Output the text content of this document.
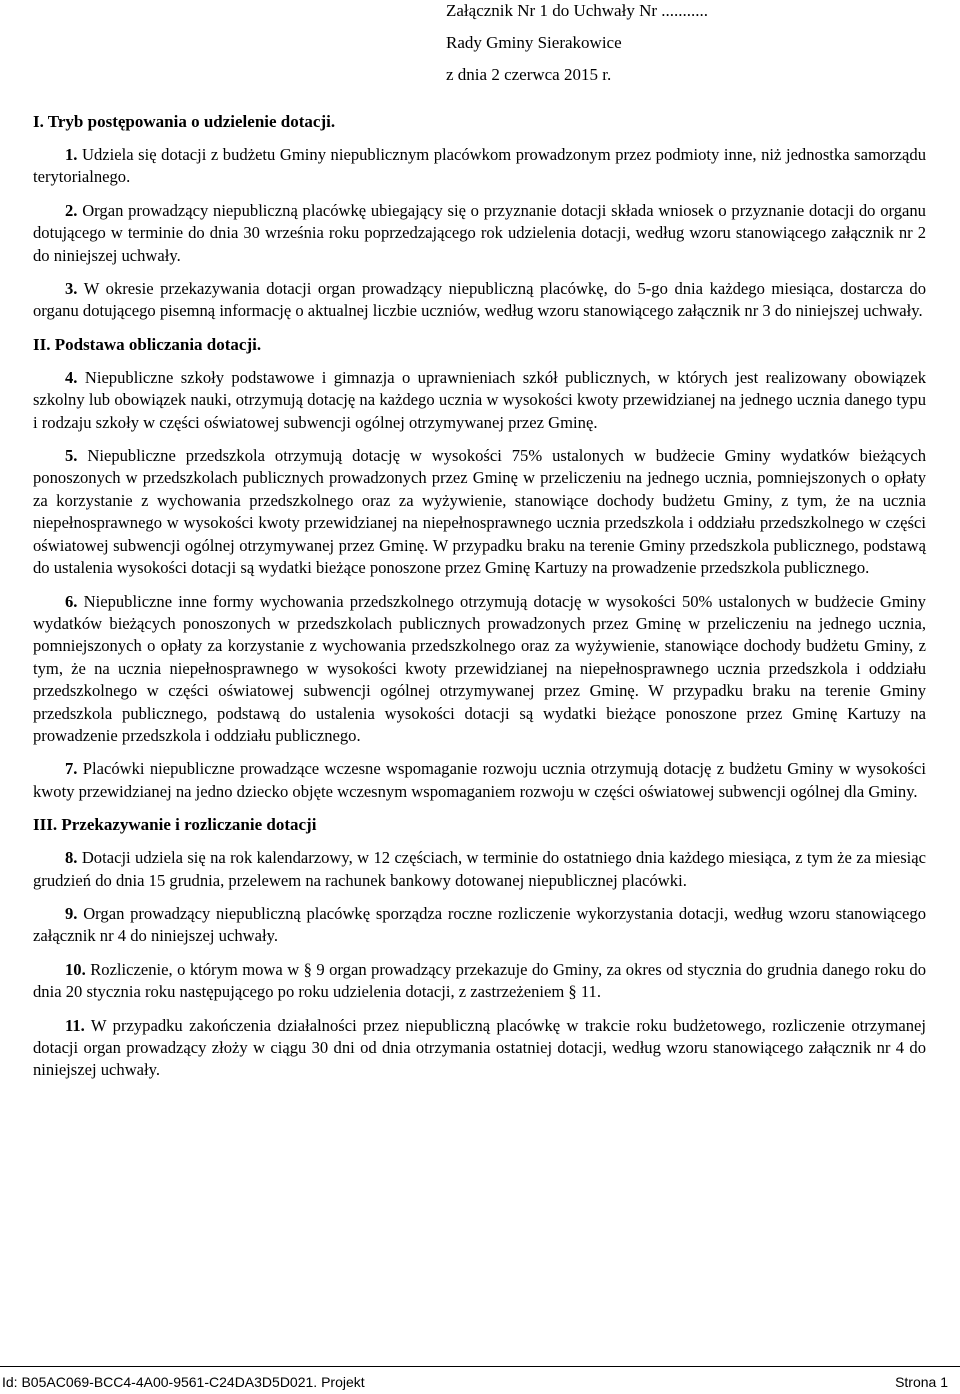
Załącznik Nr 1 do Uchwały Nr ...........
Rady Gminy Sierakowice
z dnia 2 czerwca 2015 r.

I. Tryb postępowania o udzielenie dotacji.

1. Udziela się dotacji z budżetu Gminy niepublicznym placówkom prowadzonym przez podmioty inne, niż jednostka samorządu terytorialnego.

2. Organ prowadzący niepubliczną placówkę ubiegający się o przyznanie dotacji składa wniosek o przyznanie dotacji do organu dotującego w terminie do dnia 30 września roku poprzedzającego rok udzielenia dotacji, według wzoru stanowiącego załącznik nr 2 do niniejszej uchwały.

3. W okresie przekazywania dotacji organ prowadzący niepubliczną placówkę, do 5-go dnia każdego miesiąca, dostarcza do organu dotującego pisemną informację o aktualnej liczbie uczniów, według wzoru stanowiącego załącznik nr 3 do niniejszej uchwały.

II. Podstawa obliczania dotacji.

4. Niepubliczne szkoły podstawowe i gimnazja o uprawnieniach szkół publicznych, w których jest realizowany obowiązek szkolny lub obowiązek nauki, otrzymują dotację na każdego ucznia w wysokości kwoty przewidzianej na jednego ucznia danego typu i rodzaju szkoły w części oświatowej subwencji ogólnej otrzymywanej przez Gminę.

5. Niepubliczne przedszkola otrzymują dotację w wysokości 75% ustalonych w budżecie Gminy wydatków bieżących ponoszonych w przedszkolach publicznych prowadzonych przez Gminę w przeliczeniu na jednego ucznia, pomniejszonych o opłaty za korzystanie z wychowania przedszkolnego oraz za wyżywienie, stanowiące dochody budżetu Gminy, z tym, że na ucznia niepełnosprawnego w wysokości kwoty przewidzianej na niepełnosprawnego ucznia przedszkola i oddziału przedszkolnego w części oświatowej subwencji ogólnej otrzymywanej przez Gminę. W przypadku braku na terenie Gminy przedszkola publicznego, podstawą do ustalenia wysokości dotacji są wydatki bieżące ponoszone przez Gminę Kartuzy na prowadzenie przedszkola publicznego.

6. Niepubliczne inne formy wychowania przedszkolnego otrzymują dotację w wysokości 50% ustalonych w budżecie Gminy wydatków bieżących ponoszonych w przedszkolach publicznych prowadzonych przez Gminę w przeliczeniu na jednego ucznia, pomniejszonych o opłaty za korzystanie z wychowania przedszkolnego oraz za wyżywienie, stanowiące dochody budżetu Gminy, z tym, że na ucznia niepełnosprawnego w wysokości kwoty przewidzianej na niepełnosprawnego ucznia przedszkola i oddziału przedszkolnego w części oświatowej subwencji ogólnej otrzymywanej przez Gminę. W przypadku braku na terenie Gminy przedszkola publicznego, podstawą do ustalenia wysokości dotacji są wydatki bieżące ponoszone przez Gminę Kartuzy na prowadzenie przedszkola i oddziału publicznego.

7. Placówki niepubliczne prowadzące wczesne wspomaganie rozwoju ucznia otrzymują dotację z budżetu Gminy w wysokości kwoty przewidzianej na jedno dziecko objęte wczesnym wspomaganiem rozwoju w części oświatowej subwencji ogólnej dla Gminy.

III. Przekazywanie i rozliczanie dotacji

8. Dotacji udziela się na rok kalendarzowy, w 12 częściach, w terminie do ostatniego dnia każdego miesiąca, z tym że za miesiąc grudzień do dnia 15 grudnia, przelewem na rachunek bankowy dotowanej niepublicznej placówki.

9. Organ prowadzący niepubliczną placówkę sporządza roczne rozliczenie wykorzystania dotacji, według wzoru stanowiącego załącznik nr 4 do niniejszej uchwały.

10. Rozliczenie, o którym mowa w § 9 organ prowadzący przekazuje do Gminy, za okres od stycznia do grudnia danego roku do dnia 20 stycznia roku następującego po roku udzielenia dotacji, z zastrzeżeniem § 11.

11. W przypadku zakończenia działalności przez niepubliczną placówkę w trakcie roku budżetowego, rozliczenie otrzymanej dotacji organ prowadzący złoży w ciągu 30 dni od dnia otrzymania ostatniej dotacji, według wzoru stanowiącego załącznik nr 4 do niniejszej uchwały.

Id: B05AC069-BCC4-4A00-9561-C24DA3D5D021. Projekt	Strona 1
